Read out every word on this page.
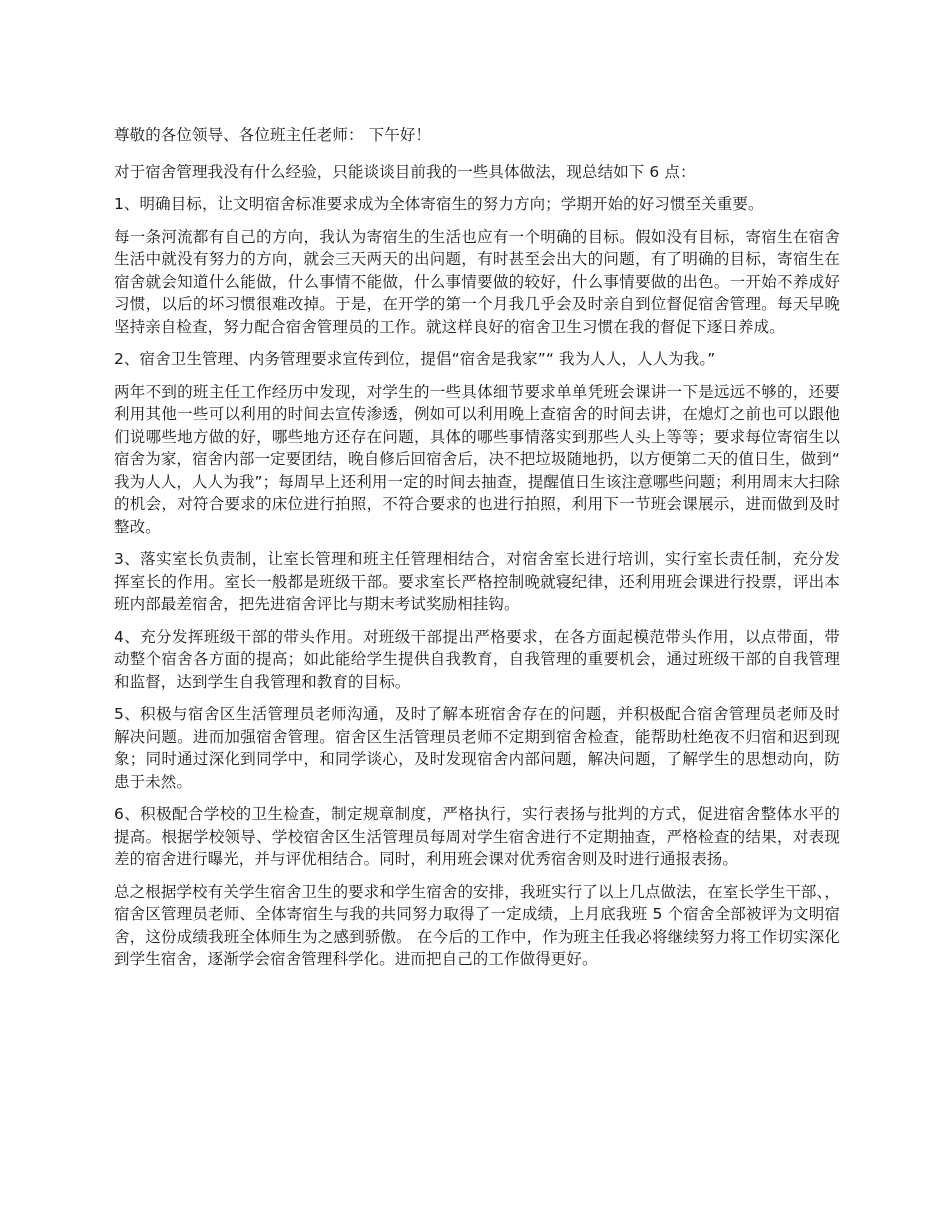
尊敬的各位领导、各位班主任老师： 下午好！

对于宿舍管理我没有什么经验，只能谈谈目前我的一些具体做法，现总结如下 6 点：

1、明确目标，让文明宿舍标准要求成为全体寄宿生的努力方向；学期开始的好习惯至关重要。

每一条河流都有自己的方向，我认为寄宿生的生活也应有一个明确的目标。假如没有目标，寄宿生在宿舍生活中就没有努力的方向，就会三天两天的出问题，有时甚至会出大的问题，有了明确的目标，寄宿生在宿舍就会知道什么能做，什么事情不能做，什么事情要做的较好，什么事情要做的出色。一开始不养成好习惯，以后的坏习惯很难改掉。于是，在开学的第一个月我几乎会及时亲自到位督促宿舍管理。每天早晚坚持亲自检查，努力配合宿舍管理员的工作。就这样良好的宿舍卫生习惯在我的督促下逐日养成。

2、宿舍卫生管理、内务管理要求宣传到位，提倡“宿舍是我家”“ 我为人人，人人为我。”

两年不到的班主任工作经历中发现，对学生的一些具体细节要求单单凭班会课讲一下是远远不够的，还要利用其他一些可以利用的时间去宣传渗透，例如可以利用晚上查宿舍的时间去讲，在熄灯之前也可以跟他们说哪些地方做的好，哪些地方还存在问题，具体的哪些事情落实到那些人头上等等；要求每位寄宿生以宿舍为家，宿舍内部一定要团结，晚自修后回宿舍后，决不把垃圾随地扔，以方便第二天的值日生，做到“ 我为人人，人人为我”；每周早上还利用一定的时间去抽查，提醒值日生该注意哪些问题；利用周末大扫除的机会，对符合要求的床位进行拍照，不符合要求的也进行拍照，利用下一节班会课展示，进而做到及时整改。

3、落实室长负责制，让室长管理和班主任管理相结合，对宿舍室长进行培训，实行室长责任制，充分发挥室长的作用。室长一般都是班级干部。要求室长严格控制晚就寝纪律，还利用班会课进行投票，评出本班内部最差宿舍，把先进宿舍评比与期末考试奖励相挂钩。

4、充分发挥班级干部的带头作用。对班级干部提出严格要求，在各方面起模范带头作用，以点带面，带动整个宿舍各方面的提高；如此能给学生提供自我教育，自我管理的重要机会，通过班级干部的自我管理和监督，达到学生自我管理和教育的目标。

5、积极与宿舍区生活管理员老师沟通，及时了解本班宿舍存在的问题，并积极配合宿舍管理员老师及时解决问题。进而加强宿舍管理。宿舍区生活管理员老师不定期到宿舍检查，能帮助杜绝夜不归宿和迟到现象；同时通过深化到同学中，和同学谈心，及时发现宿舍内部问题，解决问题，了解学生的思想动向，防患于未然。

6、积极配合学校的卫生检查，制定规章制度，严格执行，实行表扬与批判的方式，促进宿舍整体水平的提高。根据学校领导、学校宿舍区生活管理员每周对学生宿舍进行不定期抽查，严格检查的结果，对表现差的宿舍进行曝光，并与评优相结合。同时，利用班会课对优秀宿舍则及时进行通报表扬。

总之根据学校有关学生宿舍卫生的要求和学生宿舍的安排，我班实行了以上几点做法，在室长学生干部、，宿舍区管理员老师、全体寄宿生与我的共同努力取得了一定成绩，上月底我班 5 个宿舍全部被评为文明宿舍，这份成绩我班全体师生为之感到骄傲。 在今后的工作中，作为班主任我必将继续努力将工作切实深化到学生宿舍，逐渐学会宿舍管理科学化。进而把自己的工作做得更好。
